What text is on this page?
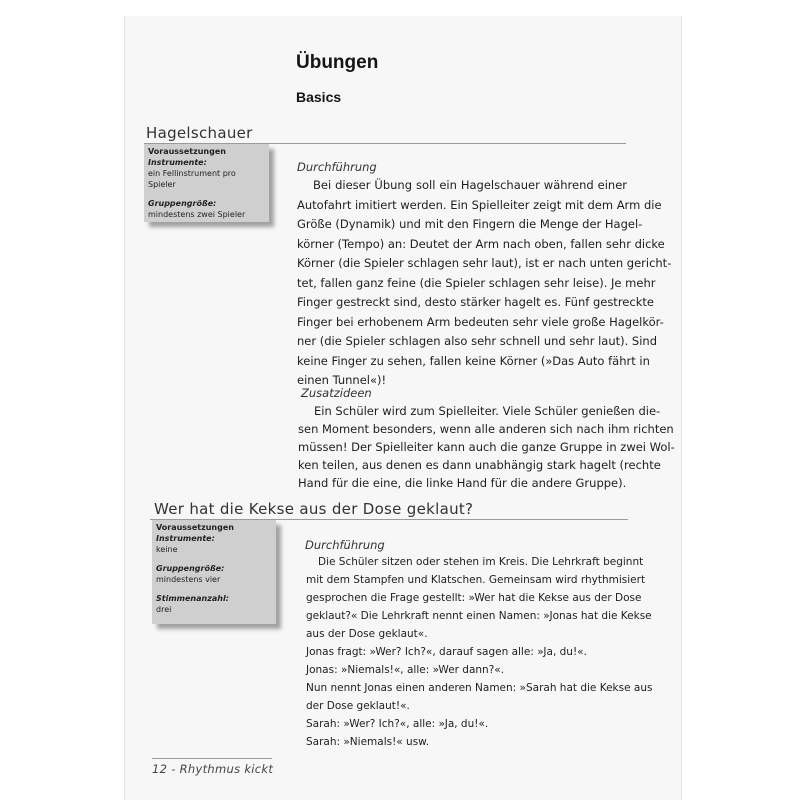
Übungen
Basics
Hagelschauer
Voraussetzungen
Instrumente:
ein Fellinstrument pro Spieler
Gruppengröße:
mindestens zwei Spieler
Durchführung
Bei dieser Übung soll ein Hagelschauer während einer
Autofahrt imitiert werden. Ein Spielleiter zeigt mit dem Arm die
Größe (Dynamik) und mit den Fingern die Menge der Hagel-
körner (Tempo) an: Deutet der Arm nach oben, fallen sehr dicke
Körner (die Spieler schlagen sehr laut), ist er nach unten gericht-
tet, fallen ganz feine (die Spieler schlagen sehr leise). Je mehr
Finger gestreckt sind, desto stärker hagelt es. Fünf gestreckte
Finger bei erhobenem Arm bedeuten sehr viele große Hagelkör-
ner (die Spieler schlagen also sehr schnell und sehr laut). Sind
keine Finger zu sehen, fallen keine Körner (»Das Auto fährt in
einen Tunnel«)!
Zusatzideen
Ein Schüler wird zum Spielleiter. Viele Schüler genießen die-
sen Moment besonders, wenn alle anderen sich nach ihm richten
müssen! Der Spielleiter kann auch die ganze Gruppe in zwei Wol-
ken teilen, aus denen es dann unabhängig stark hagelt (rechte
Hand für die eine, die linke Hand für die andere Gruppe).
Wer hat die Kekse aus der Dose geklaut?
Voraussetzungen
Instrumente:
keine
Gruppengröße:
mindestens vier
Stimmenanzahl:
drei
Durchführung
Die Schüler sitzen oder stehen im Kreis. Die Lehrkraft beginnt
mit dem Stampfen und Klatschen. Gemeinsam wird rhythmisiert
gesprochen die Frage gestellt: »Wer hat die Kekse aus der Dose
geklaut?« Die Lehrkraft nennt einen Namen: »Jonas hat die Kekse
aus der Dose geklaut«.
Jonas fragt: »Wer? Ich?«, darauf sagen alle: »Ja, du!«.
Jonas: »Niemals!«, alle: »Wer dann?«.
Nun nennt Jonas einen anderen Namen: »Sarah hat die Kekse aus
der Dose geklaut!«.
Sarah: »Wer? Ich?«, alle: »Ja, du!«.
Sarah: »Niemals!« usw.
12 - Rhythmus kickt
